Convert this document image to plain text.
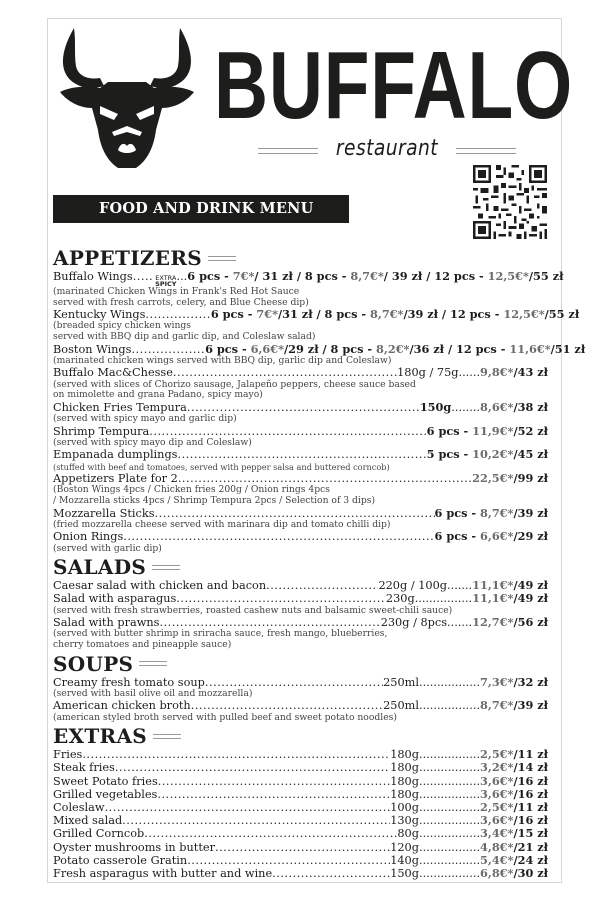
BUFFALO
restaurant
FOOD AND DRINK MENU
APPETIZERS
Buffalo Wings ..... EXTRA
SPICY
... 6 pcs - 7€*/ 31 zł / 8 pcs - 8,7€*/ 39 zł / 12 pcs - 12,5€*/55 zł
(marinated Chicken Wings in Frank's Red Hot Sauce
served with fresh carrots, celery, and Blue Cheese dip)
Kentucky Wings ................ 6 pcs - 7€*/31 zł / 8 pcs - 8,7€*/39 zł / 12 pcs - 12,5€*/55 zł
(breaded spicy chicken wings
served with BBQ dip and garlic dip, and Coleslaw salad)
Boston Wings .................. 6 pcs - 6,6€*/29 zł / 8 pcs - 8,2€*/36 zł / 12 pcs - 11,6€*/51 zł
(marinated chicken wings served with BBQ dip, garlic dip and Coleslaw)
Buffalo Mac&Chesse .....	180g / 75g ...... 9,8€*/43 zł
(served with slices of Chorizo sausage, Jalapeño peppers, cheese sauce based
on mimolette and grana Padano, spicy mayo)
Chicken Fries Tempura .....	150g ........ 8,6€*/38 zł
(served with spicy mayo and garlic dip)
Shrimp Tempura .....	6 pcs - 11,9€*/52 zł
(served with spicy mayo dip and Coleslaw)
Empanada dumplings .....	5 pcs - 10,2€*/45 zł
(stuffed with beef and tomatoes, served with pepper salsa and buttered corncob)
Appetizers Plate for 2 .....	22,5€*/99 zł
(Boston Wings 4pcs / Chicken fries 200g / Onion rings 4pcs
/ Mozzarella sticks 4pcs / Shrimp Tempura 2pcs / Selection of 3 dips)
Mozzarella Sticks .....	6 pcs - 8,7€*/39 zł
(fried mozzarella cheese served with marinara dip and tomato chilli dip)
Onion Rings .....	6 pcs - 6,6€*/29 zł
(served with garlic dip)
SALADS
Caesar salad with chicken and bacon .....	220g / 100g ....... 11,1€*/49 zł
Salad with asparagus .....	230g ................ 11,1€*/49 zł
(served with fresh strawberries, roasted cashew nuts and balsamic sweet-chili sauce)
Salad with prawns .....	230g / 8pcs ....... 12,7€*/56 zł
(served with butter shrimp in sriracha sauce, fresh mango, blueberries,
cherry tomatoes and pineapple sauce)
SOUPS
Creamy fresh tomato soup .....	250ml ................. 7,3€*/32 zł
(served with basil olive oil and mozzarella)
American chicken broth .....	250ml ................. 8,7€*/39 zł
(american styled broth served with pulled beef and sweet potato noodles)
EXTRAS
Fries .....	180g ................. 2,5€*/11 zł
Steak fries .....	180g ................. 3,2€*/14 zł
Sweet Potato fries .....	180g ................. 3,6€*/16 zł
Grilled vegetables .....	180g ................. 3,6€*/16 zł
Coleslaw .....	100g ................. 2,5€*/11 zł
Mixed salad .....	130g ................. 3,6€*/16 zł
Grilled Corncob .....	80g ................. 3,4€*/15 zł
Oyster mushrooms in butter .....	120g ................. 4,8€*/21 zł
Potato casserole Gratin .....	140g ................. 5,4€*/24 zł
Fresh asparagus with butter and wine .....	150g ................. 6,8€*/30 zł
